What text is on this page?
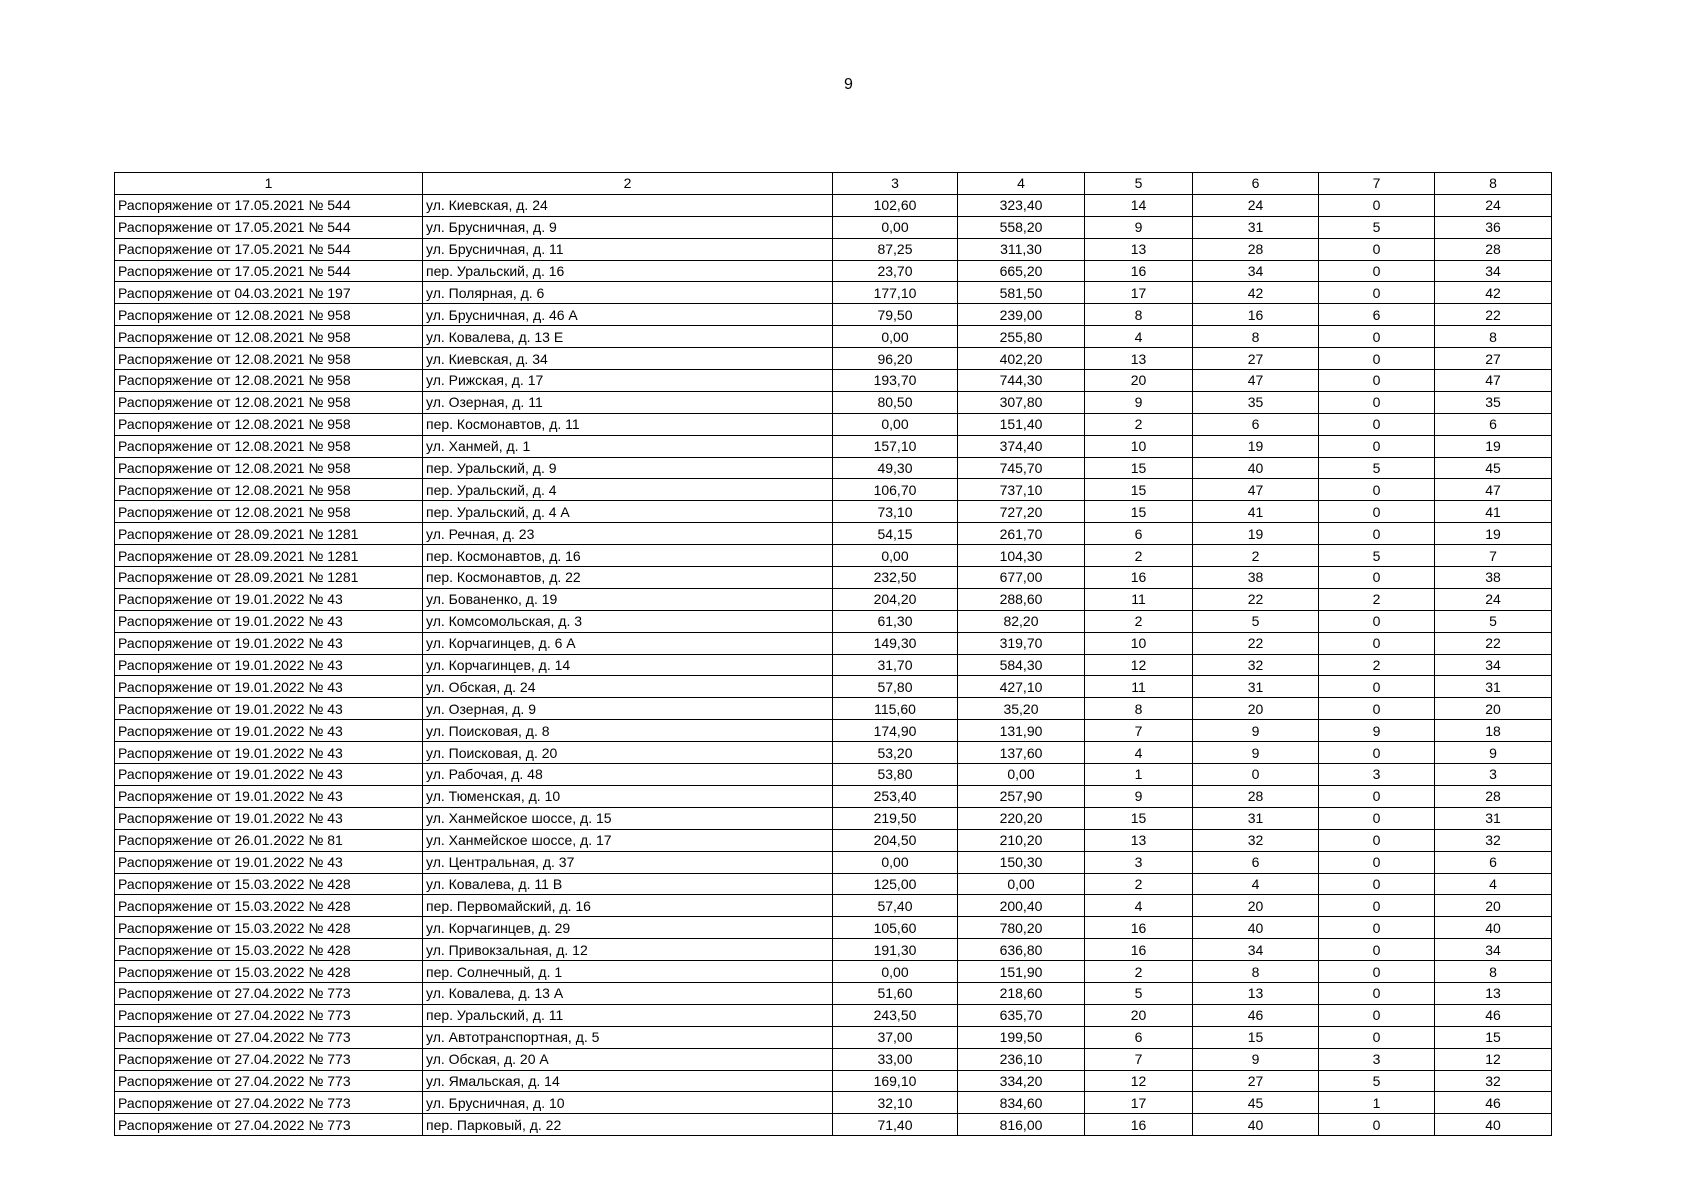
9
1	2	3	4	5	6	7	8
Распоряжение от 17.05.2021 № 544	ул. Киевская, д. 24	102,60	323,40	14	24	0	24
Распоряжение от 17.05.2021 № 544	ул. Брусничная, д. 9	0,00	558,20	9	31	5	36
Распоряжение от 17.05.2021 № 544	ул. Брусничная, д. 11	87,25	311,30	13	28	0	28
Распоряжение от 17.05.2021 № 544	пер. Уральский, д. 16	23,70	665,20	16	34	0	34
Распоряжение от 04.03.2021 № 197	ул. Полярная, д. 6	177,10	581,50	17	42	0	42
Распоряжение от 12.08.2021 № 958	ул. Брусничная, д. 46 А	79,50	239,00	8	16	6	22
Распоряжение от 12.08.2021 № 958	ул. Ковалева, д. 13 Е	0,00	255,80	4	8	0	8
Распоряжение от 12.08.2021 № 958	ул. Киевская, д. 34	96,20	402,20	13	27	0	27
Распоряжение от 12.08.2021 № 958	ул. Рижская, д. 17	193,70	744,30	20	47	0	47
Распоряжение от 12.08.2021 № 958	ул. Озерная, д. 11	80,50	307,80	9	35	0	35
Распоряжение от 12.08.2021 № 958	пер. Космонавтов, д. 11	0,00	151,40	2	6	0	6
Распоряжение от 12.08.2021 № 958	ул. Ханмей, д. 1	157,10	374,40	10	19	0	19
Распоряжение от 12.08.2021 № 958	пер. Уральский, д. 9	49,30	745,70	15	40	5	45
Распоряжение от 12.08.2021 № 958	пер. Уральский, д. 4	106,70	737,10	15	47	0	47
Распоряжение от 12.08.2021 № 958	пер. Уральский, д. 4 А	73,10	727,20	15	41	0	41
Распоряжение от 28.09.2021 № 1281	ул. Речная, д. 23	54,15	261,70	6	19	0	19
Распоряжение от 28.09.2021 № 1281	пер. Космонавтов, д. 16	0,00	104,30	2	2	5	7
Распоряжение от 28.09.2021 № 1281	пер. Космонавтов, д. 22	232,50	677,00	16	38	0	38
Распоряжение от 19.01.2022 № 43	ул. Бованенко, д. 19	204,20	288,60	11	22	2	24
Распоряжение от 19.01.2022 № 43	ул. Комсомольская, д. 3	61,30	82,20	2	5	0	5
Распоряжение от 19.01.2022 № 43	ул. Корчагинцев, д. 6 А	149,30	319,70	10	22	0	22
Распоряжение от 19.01.2022 № 43	ул. Корчагинцев, д. 14	31,70	584,30	12	32	2	34
Распоряжение от 19.01.2022 № 43	ул. Обская, д. 24	57,80	427,10	11	31	0	31
Распоряжение от 19.01.2022 № 43	ул. Озерная, д. 9	115,60	35,20	8	20	0	20
Распоряжение от 19.01.2022 № 43	ул. Поисковая, д. 8	174,90	131,90	7	9	9	18
Распоряжение от 19.01.2022 № 43	ул. Поисковая, д. 20	53,20	137,60	4	9	0	9
Распоряжение от 19.01.2022 № 43	ул. Рабочая, д. 48	53,80	0,00	1	0	3	3
Распоряжение от 19.01.2022 № 43	ул. Тюменская, д. 10	253,40	257,90	9	28	0	28
Распоряжение от 19.01.2022 № 43	ул. Ханмейское шоссе, д. 15	219,50	220,20	15	31	0	31
Распоряжение от 26.01.2022 № 81	ул. Ханмейское шоссе, д. 17	204,50	210,20	13	32	0	32
Распоряжение от 19.01.2022 № 43	ул. Центральная, д. 37	0,00	150,30	3	6	0	6
Распоряжение от 15.03.2022 № 428	ул. Ковалева, д. 11 В	125,00	0,00	2	4	0	4
Распоряжение от 15.03.2022 № 428	пер. Первомайский, д. 16	57,40	200,40	4	20	0	20
Распоряжение от 15.03.2022 № 428	ул. Корчагинцев, д. 29	105,60	780,20	16	40	0	40
Распоряжение от 15.03.2022 № 428	ул. Привокзальная, д. 12	191,30	636,80	16	34	0	34
Распоряжение от 15.03.2022 № 428	пер. Солнечный, д. 1	0,00	151,90	2	8	0	8
Распоряжение от 27.04.2022 № 773	ул. Ковалева, д. 13 А	51,60	218,60	5	13	0	13
Распоряжение от 27.04.2022 № 773	пер. Уральский, д. 11	243,50	635,70	20	46	0	46
Распоряжение от 27.04.2022 № 773	ул. Автотранспортная, д. 5	37,00	199,50	6	15	0	15
Распоряжение от 27.04.2022 № 773	ул. Обская, д. 20 А	33,00	236,10	7	9	3	12
Распоряжение от 27.04.2022 № 773	ул. Ямальская, д. 14	169,10	334,20	12	27	5	32
Распоряжение от 27.04.2022 № 773	ул. Брусничная, д. 10	32,10	834,60	17	45	1	46
Распоряжение от 27.04.2022 № 773	пер. Парковый, д. 22	71,40	816,00	16	40	0	40
